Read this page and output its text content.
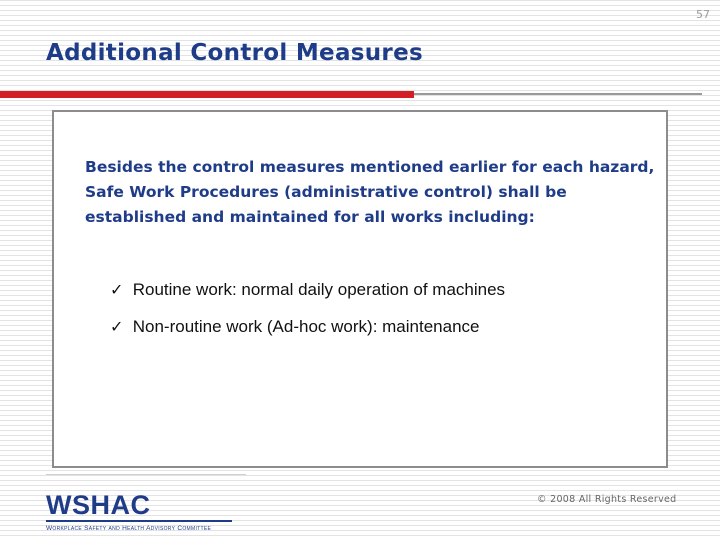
57
Additional Control Measures

Besides the control measures mentioned earlier for each hazard, Safe Work Procedures (administrative control) shall be established and maintained for all works including:

✓ Routine work: normal daily operation of machines
✓ Non-routine work (Ad-hoc work): maintenance
WSHAC
Workplace Safety and Health Advisory Committee
© 2008 All Rights Reserved
